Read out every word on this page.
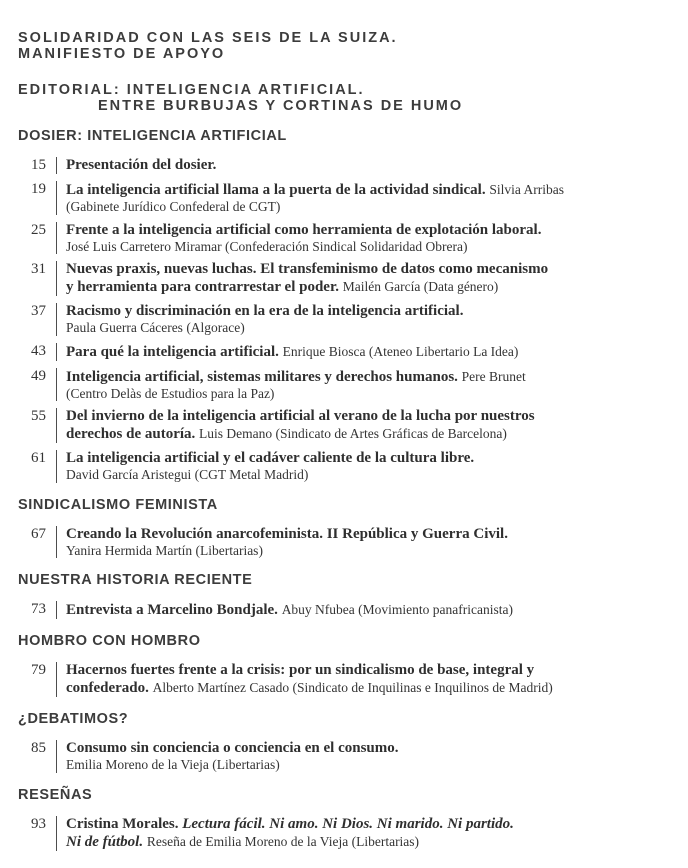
SOLIDARIDAD CON LAS SEIS DE LA SUIZA.
MANIFIESTO DE APOYO
EDITORIAL: INTELIGENCIA ARTIFICIAL.
ENTRE BURBUJAS Y CORTINAS DE HUMO
DOSIER: INTELIGENCIA ARTIFICIAL
15 Presentación del dosier.
19 La inteligencia artificial llama a la puerta de la actividad sindical. Silvia Arribas
(Gabinete Jurídico Confederal de CGT)
25 Frente a la inteligencia artificial como herramienta de explotación laboral.
José Luis Carretero Miramar (Confederación Sindical Solidaridad Obrera)
31 Nuevas praxis, nuevas luchas. El transfeminismo de datos como mecanismo
y herramienta para contrarrestar el poder. Mailén García (Data género)
37 Racismo y discriminación en la era de la inteligencia artificial.
Paula Guerra Cáceres (Algorace)
43 Para qué la inteligencia artificial. Enrique Biosca (Ateneo Libertario La Idea)
49 Inteligencia artificial, sistemas militares y derechos humanos. Pere Brunet
(Centro Delàs de Estudios para la Paz)
55 Del invierno de la inteligencia artificial al verano de la lucha por nuestros
derechos de autoría. Luis Demano (Sindicato de Artes Gráficas de Barcelona)
61 La inteligencia artificial y el cadáver caliente de la cultura libre.
David García Aristegui (CGT Metal Madrid)
SINDICALISMO FEMINISTA
67 Creando la Revolución anarcofeminista. II República y Guerra Civil.
Yanira Hermida Martín (Libertarias)
NUESTRA HISTORIA RECIENTE
73 Entrevista a Marcelino Bondjale. Abuy Nfubea (Movimiento panafricanista)
HOMBRO CON HOMBRO
79 Hacernos fuertes frente a la crisis: por un sindicalismo de base, integral y
confederado. Alberto Martínez Casado (Sindicato de Inquilinas e Inquilinos de Madrid)
¿DEBATIMOS?
85 Consumo sin conciencia o conciencia en el consumo.
Emilia Moreno de la Vieja (Libertarias)
RESEÑAS
93 Cristina Morales. Lectura fácil. Ni amo. Ni Dios. Ni marido. Ni partido.
Ni de fútbol. Reseña de Emilia Moreno de la Vieja (Libertarias)
